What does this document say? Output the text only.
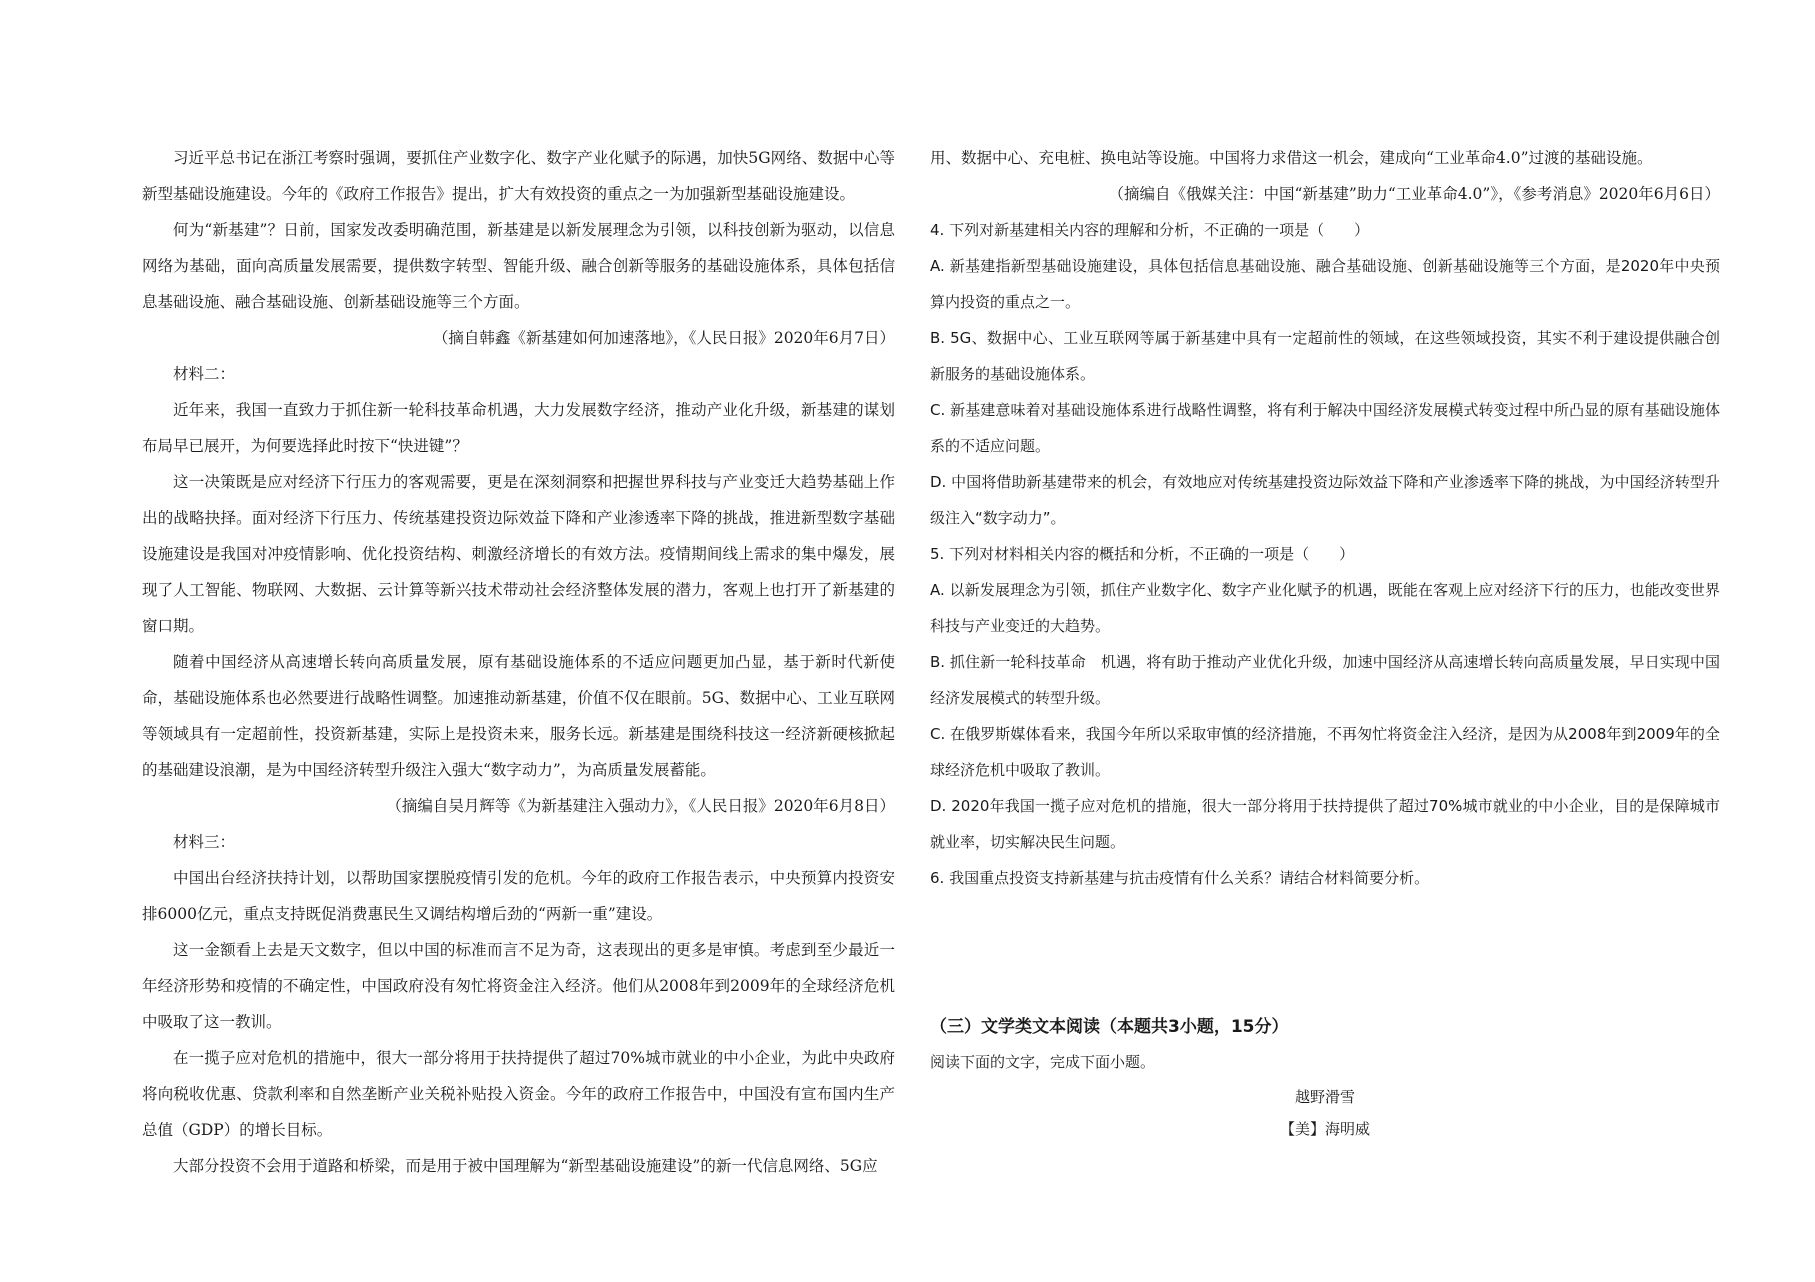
习近平总书记在浙江考察时强调，要抓住产业数字化、数字产业化赋予的际遇，加快5G网络、数据中心等新型基础设施建设。今年的《政府工作报告》提出，扩大有效投资的重点之一为加强新型基础设施建设。

何为“新基建”？日前，国家发改委明确范围，新基建是以新发展理念为引领，以科技创新为驱动，以信息网络为基础，面向高质量发展需要，提供数字转型、智能升级、融合创新等服务的基础设施体系，具体包括信息基础设施、融合基础设施、创新基础设施等三个方面。

（摘自韩鑫《新基建如何加速落地》，《人民日报》2020年6月7日）

材料二：

近年来，我国一直致力于抓住新一轮科技革命机遇，大力发展数字经济，推动产业化升级，新基建的谋划布局早已展开，为何要选择此时按下“快进键”？

这一决策既是应对经济下行压力的客观需要，更是在深刻洞察和把握世界科技与产业变迁大趋势基础上作出的战略抉择。面对经济下行压力、传统基建投资边际效益下降和产业渗透率下降的挑战，推进新型数字基础设施建设是我国对冲疫情影响、优化投资结构、刺激经济增长的有效方法。疫情期间线上需求的集中爆发，展现了人工智能、物联网、大数据、云计算等新兴技术带动社会经济整体发展的潜力，客观上也打开了新基建的窗口期。

随着中国经济从高速增长转向高质量发展，原有基础设施体系的不适应问题更加凸显，基于新时代新使命，基础设施体系也必然要进行战略性调整。加速推动新基建，价值不仅在眼前。5G、数据中心、工业互联网等领域具有一定超前性，投资新基建，实际上是投资未来，服务长远。新基建是围绕科技这一经济新硬核掀起的基础建设浪潮，是为中国经济转型升级注入强大“数字动力”，为高质量发展蓄能。

（摘编自吴月辉等《为新基建注入强动力》，《人民日报》2020年6月8日）

材料三：

中国出台经济扶持计划，以帮助国家摆脱疫情引发的危机。今年的政府工作报告表示，中央预算内投资安排6000亿元，重点支持既促消费惠民生又调结构增后劲的“两新一重”建设。

这一金额看上去是天文数字，但以中国的标准而言不足为奇，这表现出的更多是审慎。考虑到至少最近一年经济形势和疫情的不确定性，中国政府没有匆忙将资金注入经济。他们从2008年到2009年的全球经济危机中吸取了这一教训。

在一揽子应对危机的措施中，很大一部分将用于扶持提供了超过70%城市就业的中小企业，为此中央政府将向税收优惠、贷款利率和自然垄断产业关税补贴投入资金。今年的政府工作报告中，中国没有宣布国内生产总值（GDP）的增长目标。

大部分投资不会用于道路和桥梁，而是用于被中国理解为“新型基础设施建设”的新一代信息网络、5G应

用、数据中心、充电桩、换电站等设施。中国将力求借这一机会，建成向“工业革命4.0”过渡的基础设施。

（摘编自《俄媒关注：中国“新基建”助力“工业革命4.0”》，《参考消息》2020年6月6日）

4. 下列对新基建相关内容的理解和分析，不正确的一项是（　　）

A. 新基建指新型基础设施建设，具体包括信息基础设施、融合基础设施、创新基础设施等三个方面，是2020年中央预算内投资的重点之一。

B. 5G、数据中心、工业互联网等属于新基建中具有一定超前性的领域，在这些领域投资，其实不利于建设提供融合创新服务的基础设施体系。

C. 新基建意味着对基础设施体系进行战略性调整，将有利于解决中国经济发展模式转变过程中所凸显的原有基础设施体系的不适应问题。

D. 中国将借助新基建带来的机会，有效地应对传统基建投资边际效益下降和产业渗透率下降的挑战，为中国经济转型升级注入“数字动力”。

5. 下列对材料相关内容的概括和分析，不正确的一项是（　　）

A. 以新发展理念为引领，抓住产业数字化、数字产业化赋予的机遇，既能在客观上应对经济下行的压力，也能改变世界科技与产业变迁的大趋势。

B. 抓住新一轮科技革命　机遇，将有助于推动产业优化升级，加速中国经济从高速增长转向高质量发展，早日实现中国经济发展模式的转型升级。

C. 在俄罗斯媒体看来，我国今年所以采取审慎的经济措施，不再匆忙将资金注入经济，是因为从2008年到2009年的全球经济危机中吸取了教训。

D. 2020年我国一揽子应对危机的措施，很大一部分将用于扶持提供了超过70%城市就业的中小企业，目的是保障城市就业率，切实解决民生问题。

6. 我国重点投资支持新基建与抗击疫情有什么关系？请结合材料简要分析。

（三）文学类文本阅读（本题共3小题，15分）
阅读下面的文字，完成下面小题。
越野滑雪
【美】海明威
